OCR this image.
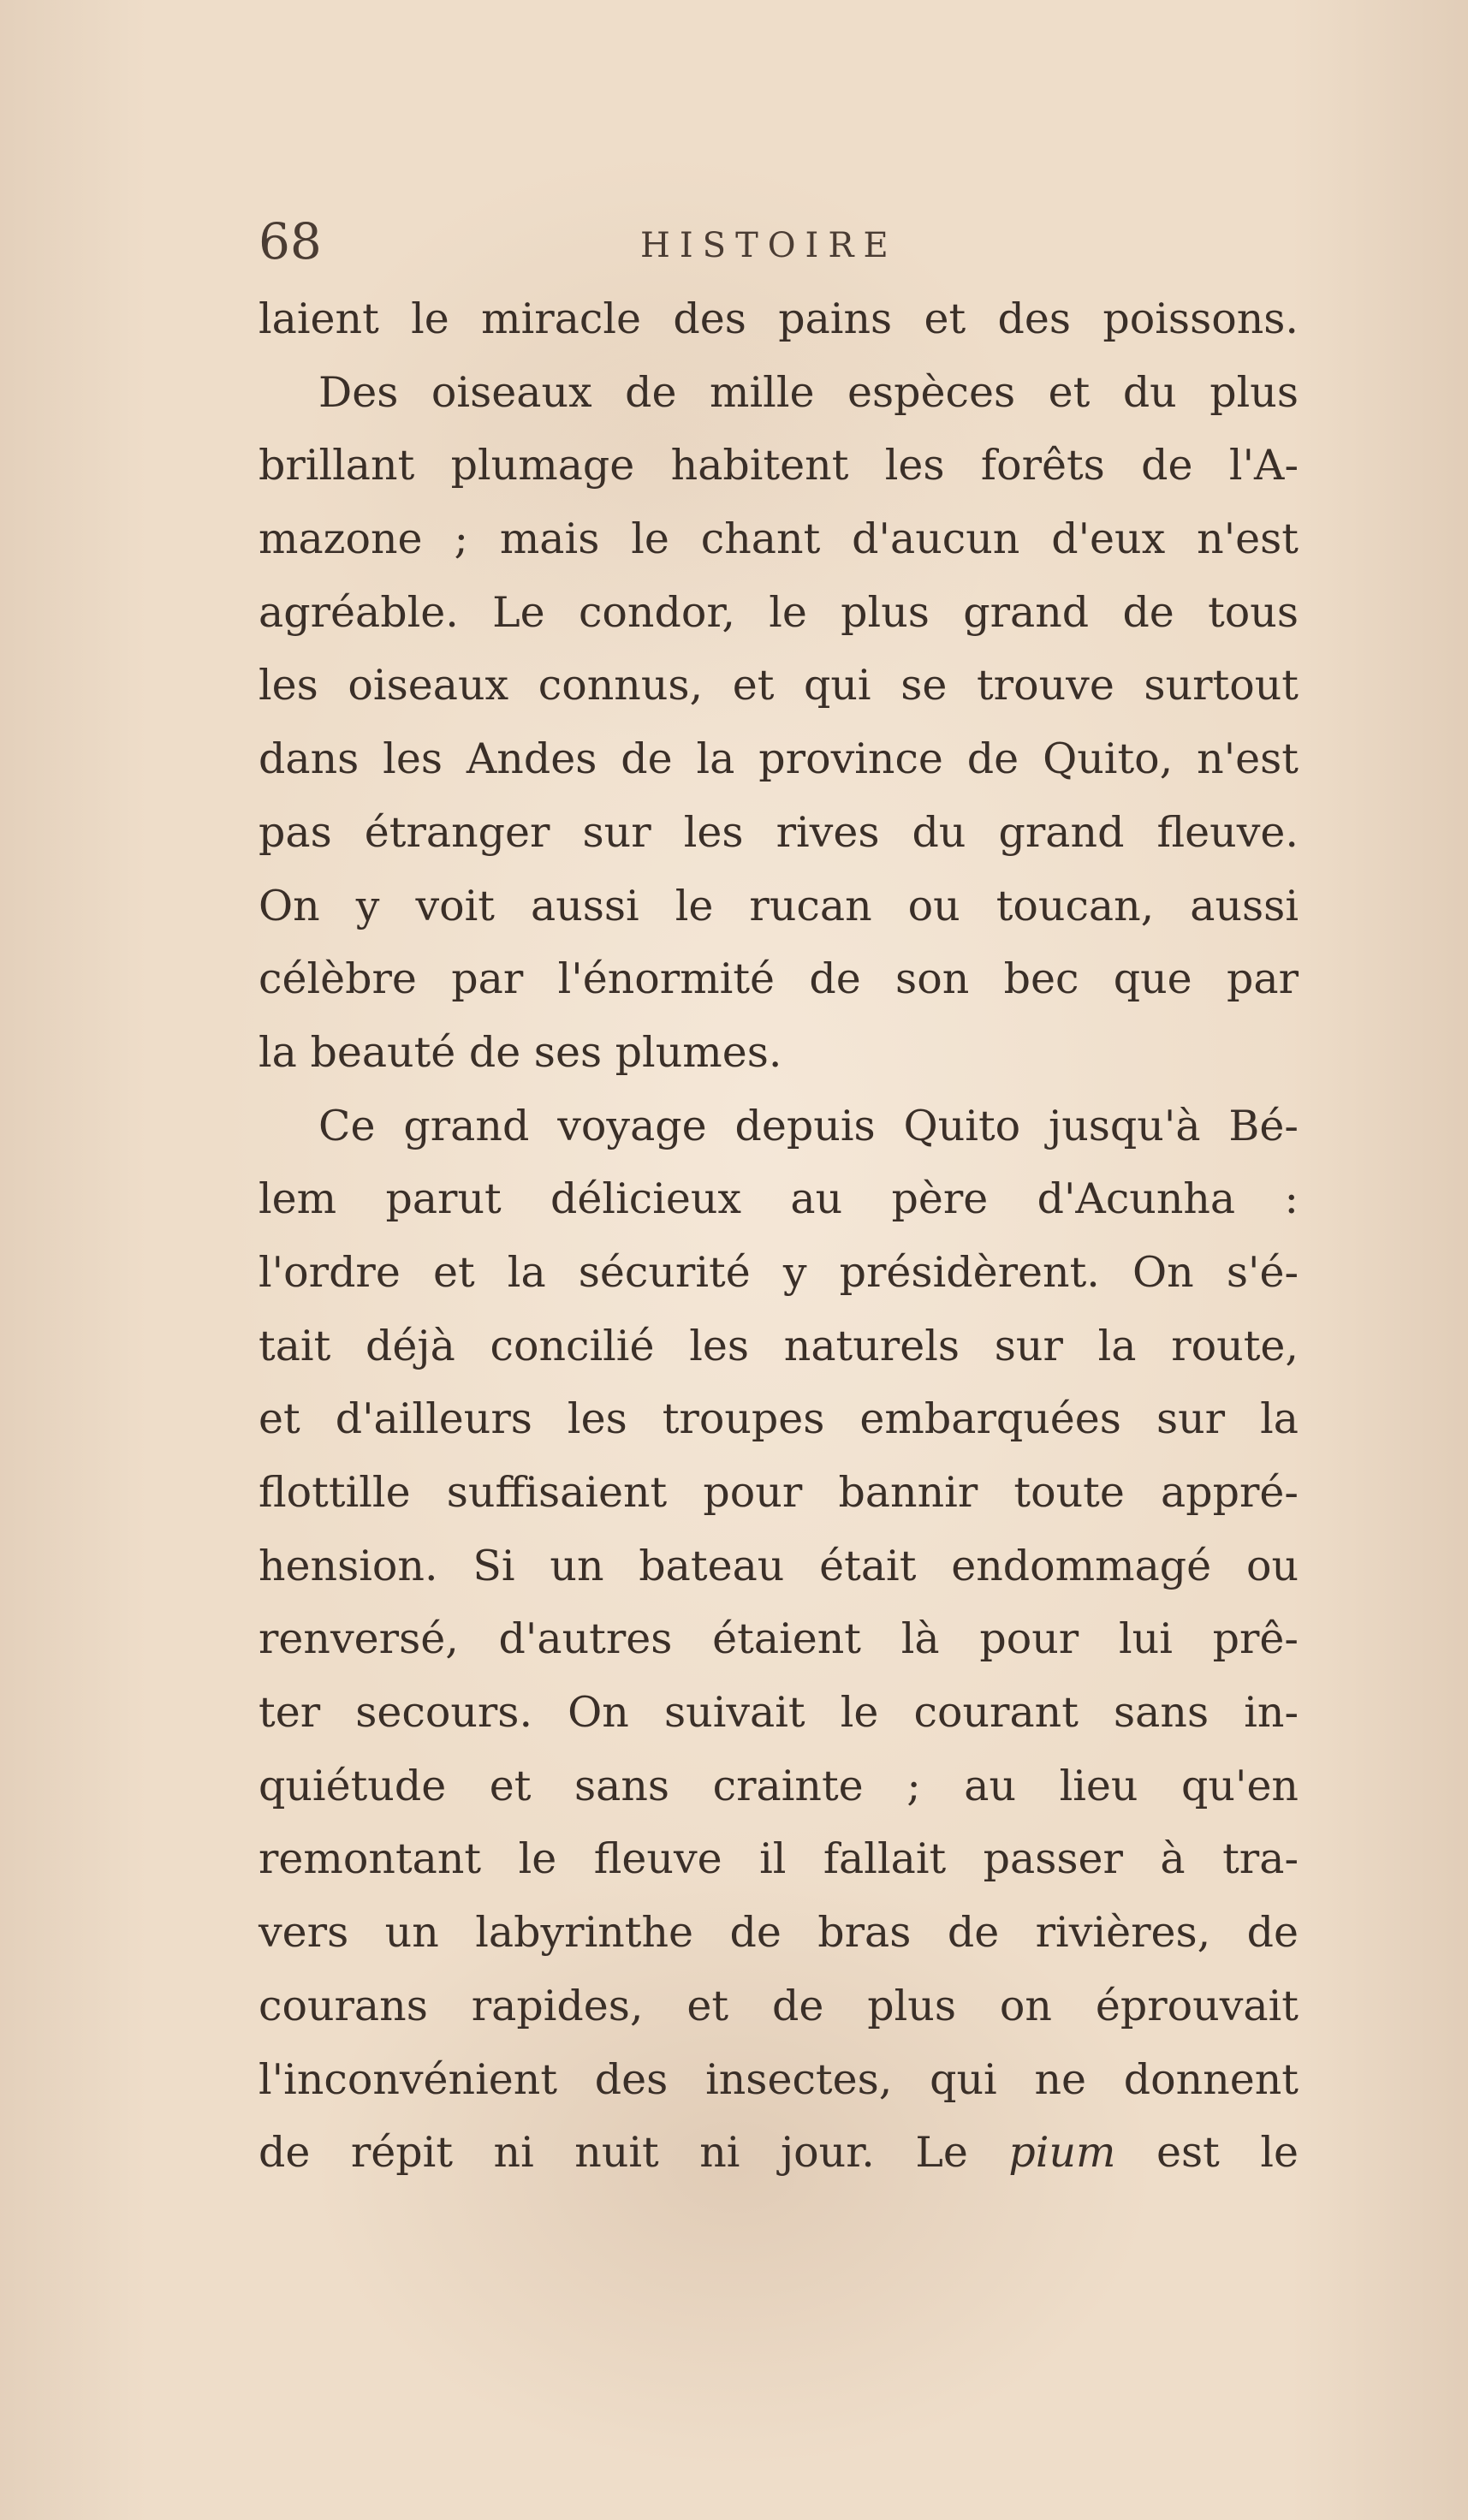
68	HISTOIRE
laient le miracle des pains et des poissons.
Des oiseaux de mille espèces et du plus
brillant plumage habitent les forêts de l'A-
mazone ; mais le chant d'aucun d'eux n'est
agréable. Le condor, le plus grand de tous
les oiseaux connus, et qui se trouve surtout
dans les Andes de la province de Quito, n'est
pas étranger sur les rives du grand fleuve.
On y voit aussi le rucan ou toucan, aussi
célèbre par l'énormité de son bec que par
la beauté de ses plumes.
Ce grand voyage depuis Quito jusqu'à Bé-
lem parut délicieux au père d'Acunha :
l'ordre et la sécurité y présidèrent. On s'é-
tait déjà concilié les naturels sur la route,
et d'ailleurs les troupes embarquées sur la
flottille suffisaient pour bannir toute appré-
hension. Si un bateau était endommagé ou
renversé, d'autres étaient là pour lui prê-
ter secours. On suivait le courant sans in-
quiétude et sans crainte ; au lieu qu'en
remontant le fleuve il fallait passer à tra-
vers un labyrinthe de bras de rivières, de
courans rapides, et de plus on éprouvait
l'inconvénient des insectes, qui ne donnent
de répit ni nuit ni jour. Le pium est le
